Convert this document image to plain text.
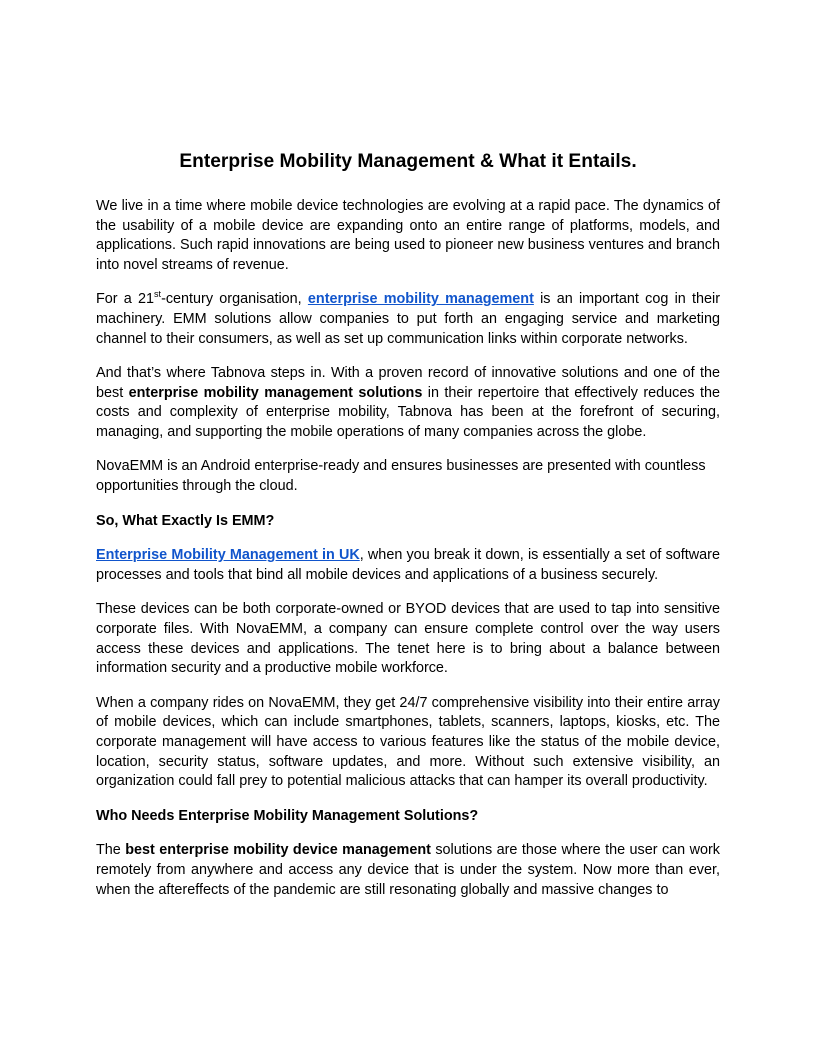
Enterprise Mobility Management & What it Entails.

We live in a time where mobile device technologies are evolving at a rapid pace. The dynamics of the usability of a mobile device are expanding onto an entire range of platforms, models, and applications. Such rapid innovations are being used to pioneer new business ventures and branch into novel streams of revenue.

For a 21st-century organisation, enterprise mobility management is an important cog in their machinery. EMM solutions allow companies to put forth an engaging service and marketing channel to their consumers, as well as set up communication links within corporate networks.

And that’s where Tabnova steps in. With a proven record of innovative solutions and one of the best enterprise mobility management solutions in their repertoire that effectively reduces the costs and complexity of enterprise mobility, Tabnova has been at the forefront of securing, managing, and supporting the mobile operations of many companies across the globe.

NovaEMM is an Android enterprise-ready and ensures businesses are presented with countless opportunities through the cloud.

So, What Exactly Is EMM?

Enterprise Mobility Management in UK, when you break it down, is essentially a set of software processes and tools that bind all mobile devices and applications of a business securely.

These devices can be both corporate-owned or BYOD devices that are used to tap into sensitive corporate files. With NovaEMM, a company can ensure complete control over the way users access these devices and applications. The tenet here is to bring about a balance between information security and a productive mobile workforce.

When a company rides on NovaEMM, they get 24/7 comprehensive visibility into their entire array of mobile devices, which can include smartphones, tablets, scanners, laptops, kiosks, etc. The corporate management will have access to various features like the status of the mobile device, location, security status, software updates, and more. Without such extensive visibility, an organization could fall prey to potential malicious attacks that can hamper its overall productivity.

Who Needs Enterprise Mobility Management Solutions?

The best enterprise mobility device management solutions are those where the user can work remotely from anywhere and access any device that is under the system. Now more than ever, when the aftereffects of the pandemic are still resonating globally and massive changes to
